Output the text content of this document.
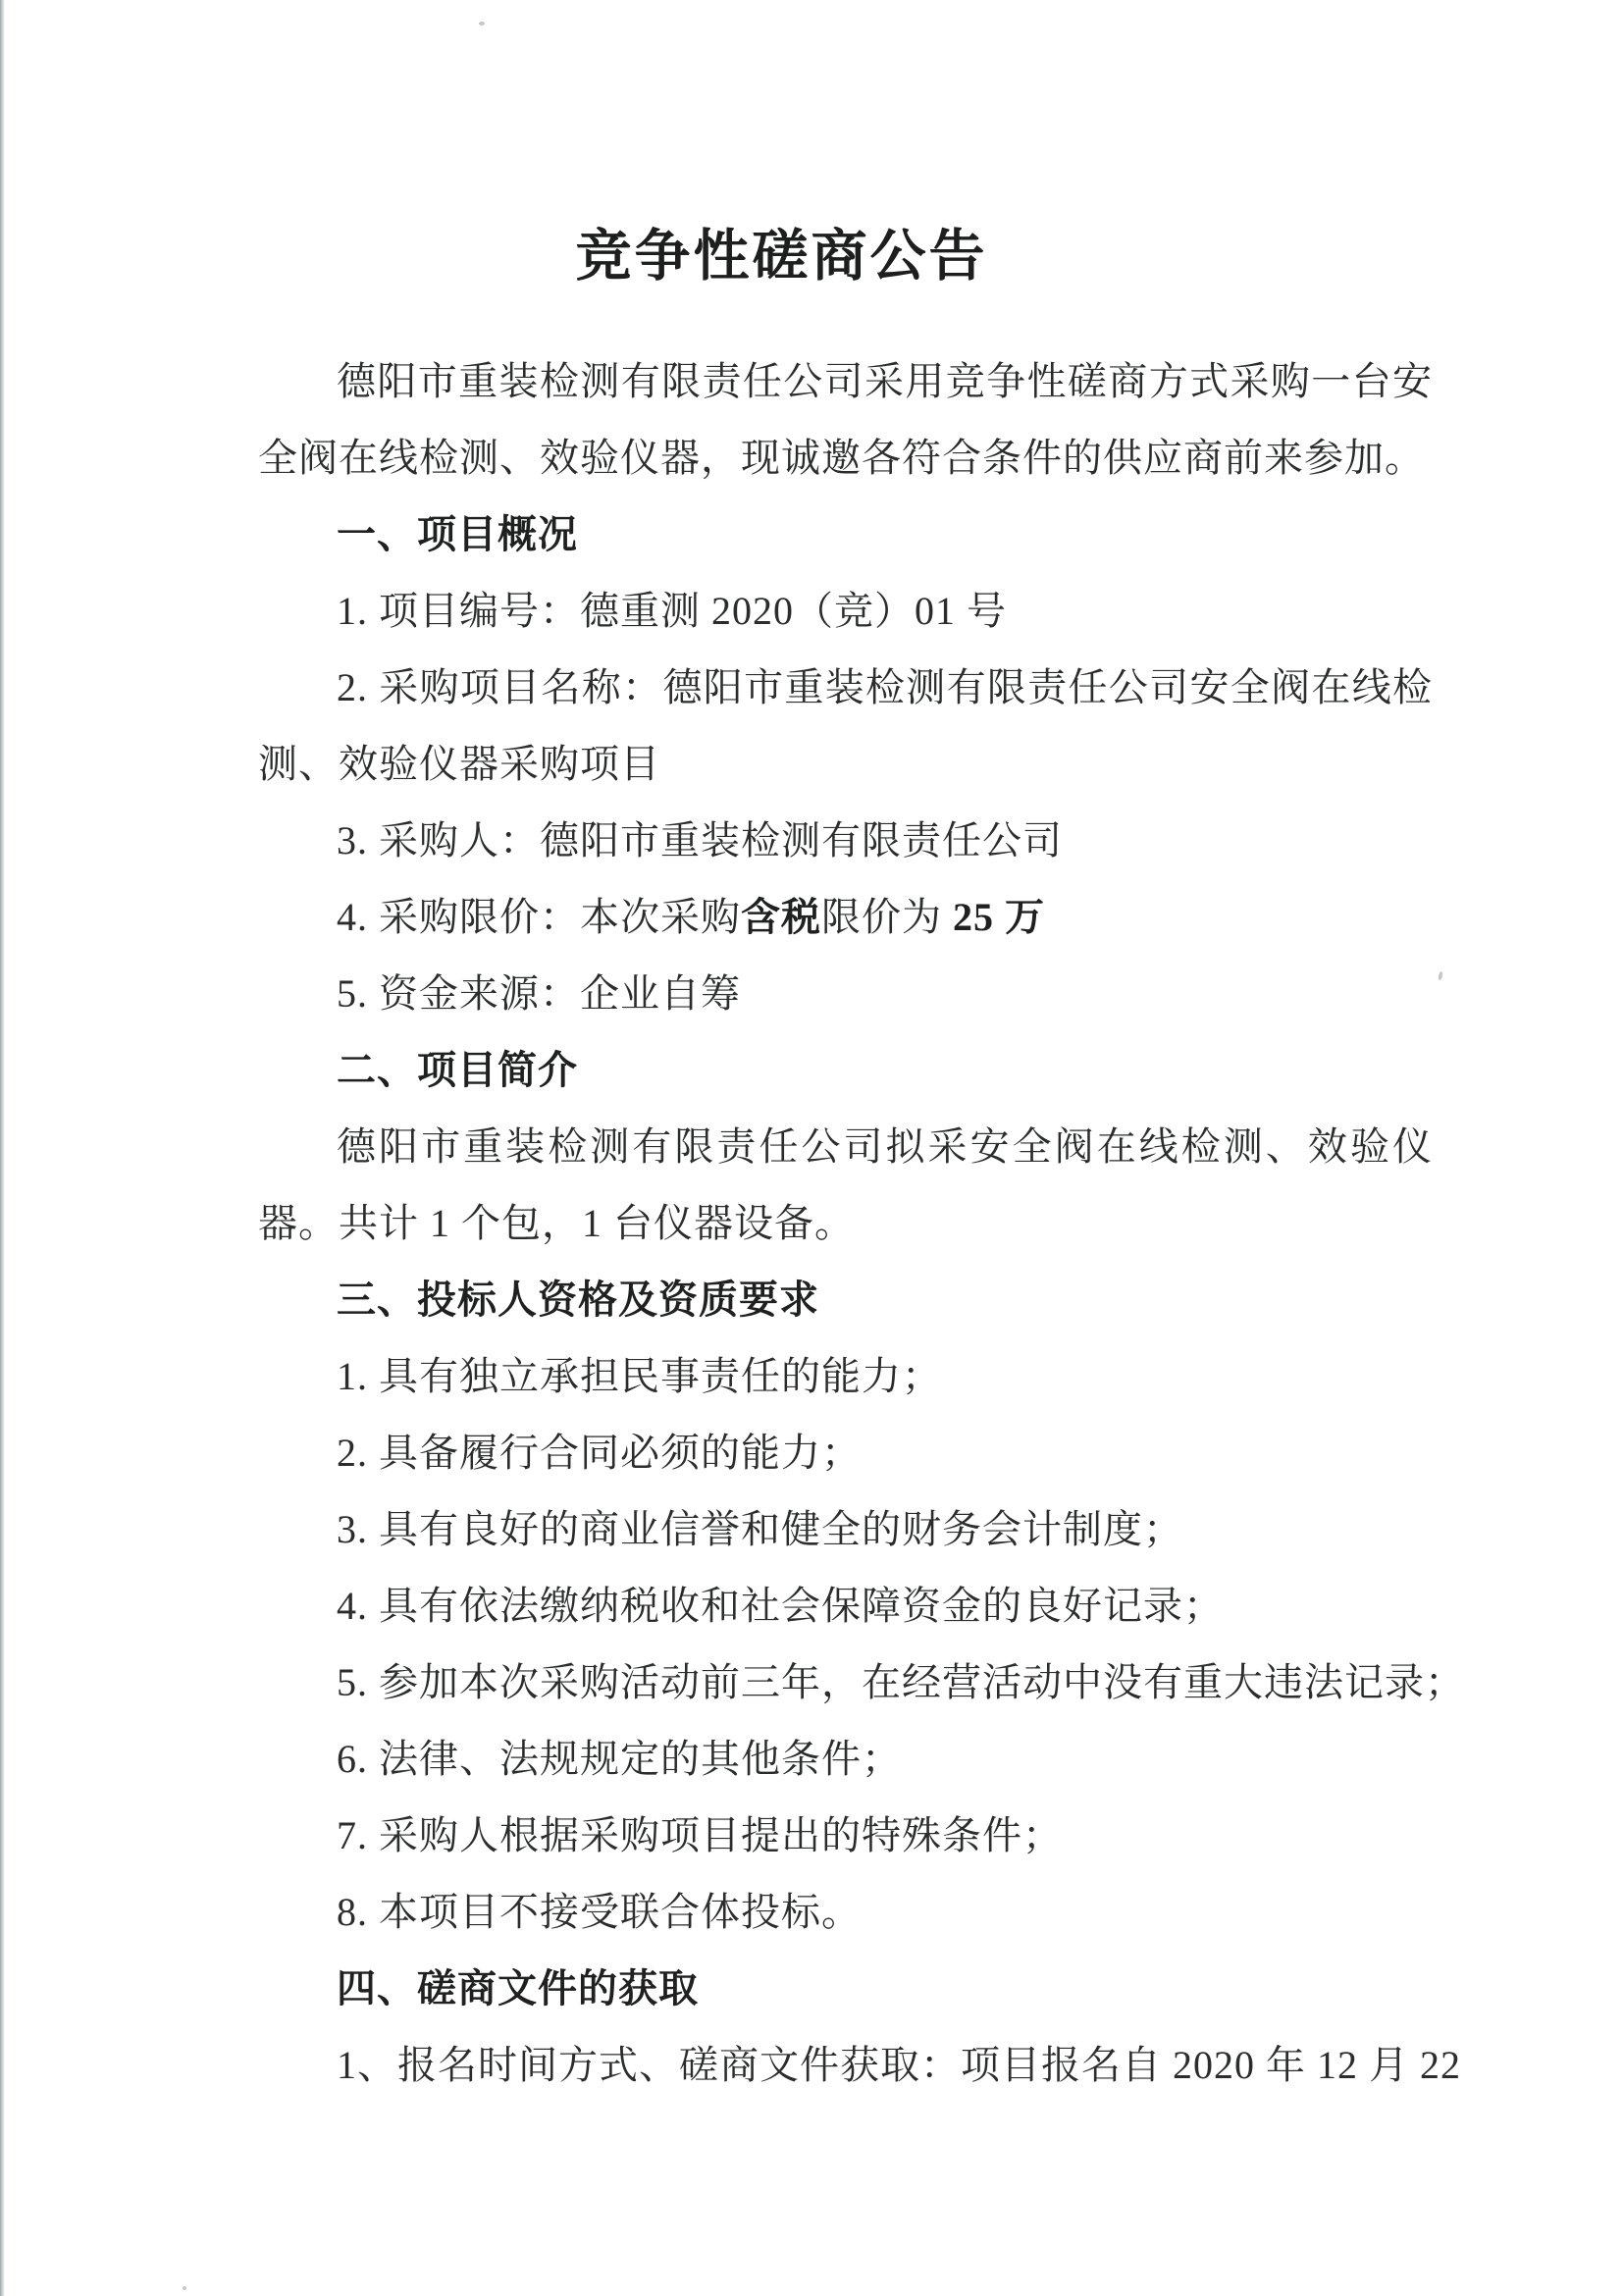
竞争性磋商公告

德阳市重装检测有限责任公司采用竞争性磋商方式采购一台安全阀在线检测、效验仪器，现诚邀各符合条件的供应商前来参加。

一、项目概况

1. 项目编号：德重测 2020（竞）01 号

2. 采购项目名称：德阳市重装检测有限责任公司安全阀在线检测、效验仪器采购项目

3. 采购人：德阳市重装检测有限责任公司

4. 采购限价：本次采购含税限价为 25 万

5. 资金来源：企业自筹

二、项目简介

德阳市重装检测有限责任公司拟采安全阀在线检测、效验仪器。共计 1 个包，1 台仪器设备。

三、投标人资格及资质要求

1. 具有独立承担民事责任的能力；

2. 具备履行合同必须的能力；

3. 具有良好的商业信誉和健全的财务会计制度；

4. 具有依法缴纳税收和社会保障资金的良好记录；

5. 参加本次采购活动前三年，在经营活动中没有重大违法记录；

6. 法律、法规规定的其他条件；

7. 采购人根据采购项目提出的特殊条件；

8. 本项目不接受联合体投标。

四、磋商文件的获取

1、报名时间方式、磋商文件获取：项目报名自 2020 年 12 月 22
